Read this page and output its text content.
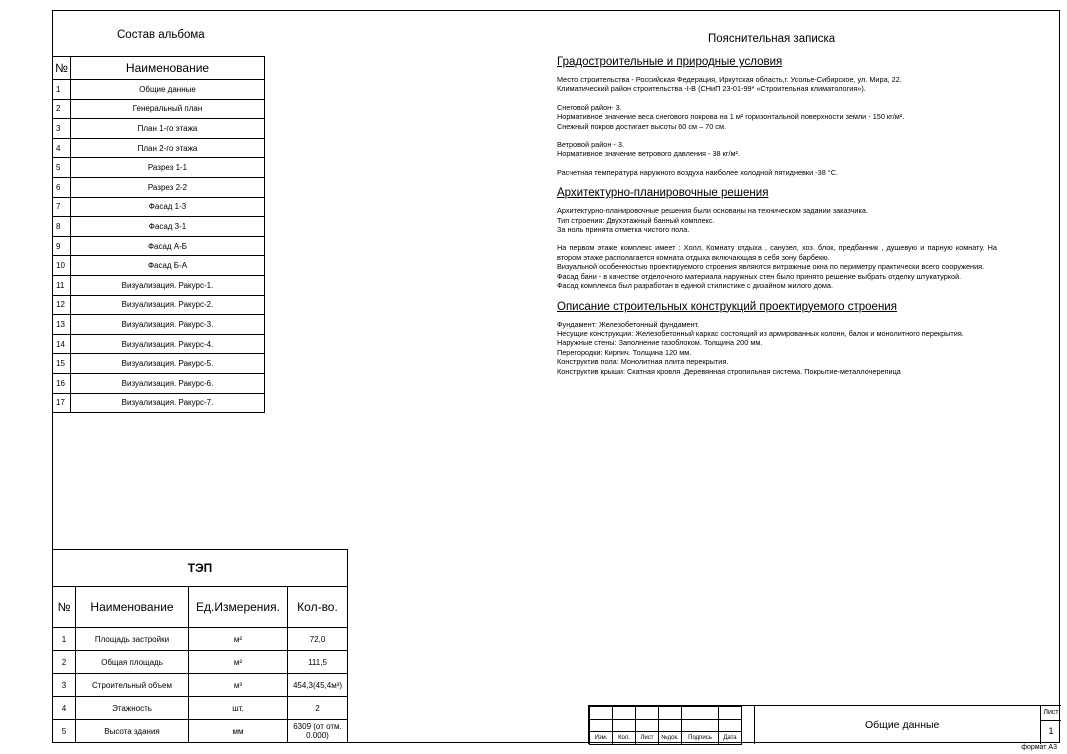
Состав альбома
№	Наименование
1	Общие данные
2	Генеральный план
3	План 1-го этажа
4	План 2-го этажа
5	Разрез 1-1
6	Разрез 2-2
7	Фасад 1-3
8	Фасад 3-1
9	Фасад А-Б
10	Фасад Б-А
11	Визуализация. Ракурс-1.
12	Визуализация. Ракурс-2.
13	Визуализация. Ракурс-3.
14	Визуализация. Ракурс-4.
15	Визуализация. Ракурс-5.
16	Визуализация. Ракурс-6.
17	Визуализация. Ракурс-7.
ТЭП			
№	Наименование	Ед.Измерения.	Кол-во.
1	Площадь застройки	м²	72,0
2	Общая площадь	м²	111,5
3	Строительный объем	м³	454,3(45,4м³)
4	Этажность	шт.	2
5	Высота здания	мм	6309 (от отм. 0.000)
Пояснительная записка
Градостроительные и природные условия

Место строительства - Российская Федерация, Иркутская область,г. Усолье-Сибирское, ул. Мира, 22.
Климатический район строительства -I-В (СНиП 23-01-99* «Строительная климатология»).

Снеговой район- 3.
Нормативное значение веса снегового покрова на 1 м² горизонтальной поверхности земли - 150 кг/м².
Снежный покров достигает высоты 60 см – 70 см.

Ветровой район - 3.
Нормативное значение ветрового давления - 38 кг/м².

Расчетная температура наружного воздуха наиболее холодной пятидневки -38 °С.

Архитектурно-планировочные решения

Архитектурно-планировочные решения были основаны на техническом задании заказчика.
Тип строения: Двухэтажный банный комплекс.
За ноль принята отметка чистого пола.

На первом этаже комплекс имеет : Холл, Комнату отдыха , санузел, хоз. блок, предбанник , душевую и парную комнату. На втором этаже располагается комната отдыха включающая в себя зону барбекю.

Визуальной особенностью проектируемого строения являются витражные окна по периметру практически всего сооружения.

Фасад бани - в качестве отделочного материала наружных стен было принято решение выбрать отделку штукатуркой.

Фасад комплекса был разработан в единой стилистике с дизайном жилого дома.

Описание строительных конструкций проектируемого строения
Фундамент: Железобетонный фундамент.
Несущие конструкции: Железобетонный каркас состоящий из армированных колонн, балок и монолитного перекрытия.
Наружные стены: Заполнение газоблоком. Толщина 200 мм.
Перегородки: Кирпич. Толщина 120 мм.
Конструктив пола: Монолитная плита перекрытия.
Конструктив крыши: Скатная кровля .Деревянная стропильная система. Покрытие-металлочерепица

Изм.	Кол.	Лист	№док.	Подпись	Дата
Общие данные
Лист
1
формат А3
